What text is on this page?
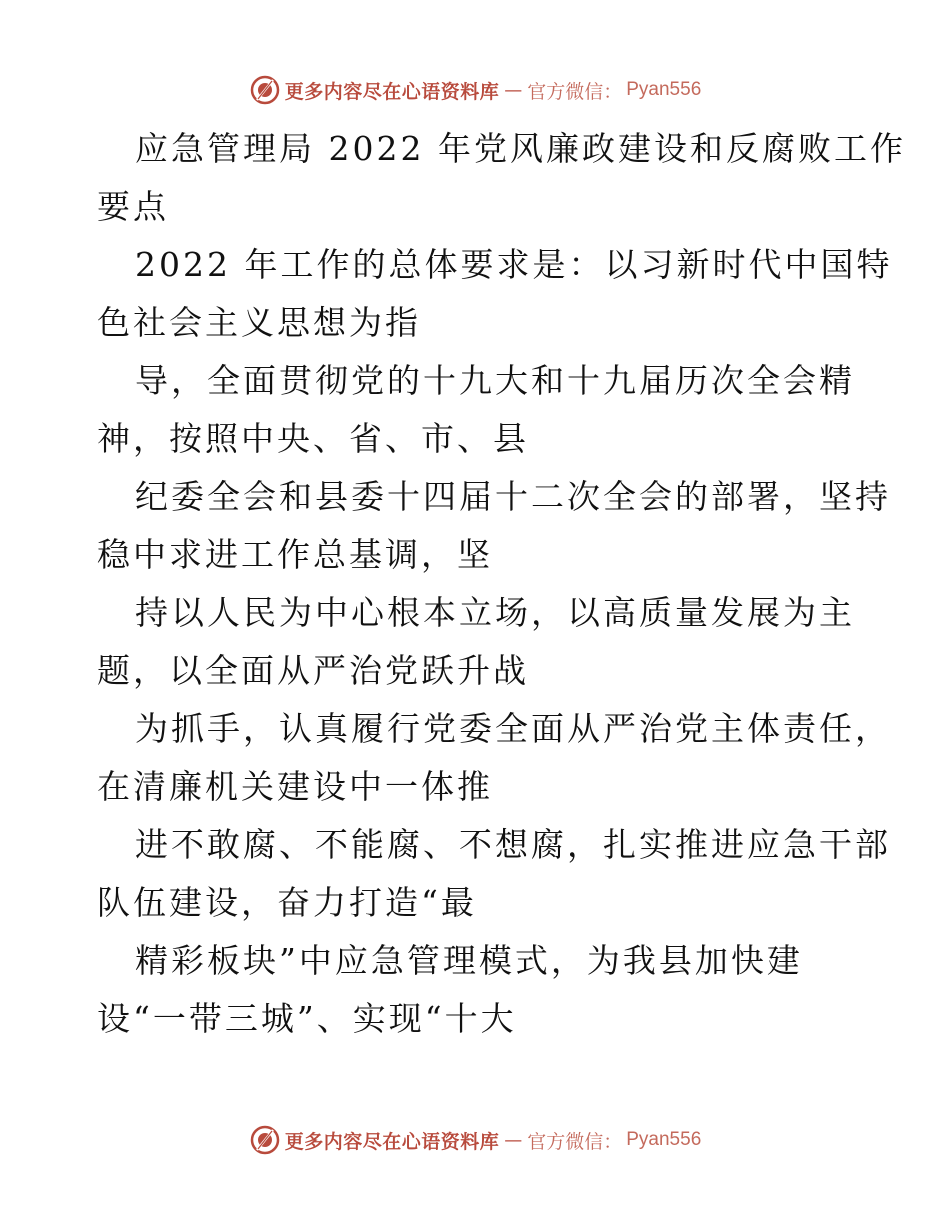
更多内容尽在心语资料库 — 官方微信： Pyan556
应急管理局 2022 年党风廉政建设和反腐败工作
要点
2022 年工作的总体要求是：以习新时代中国特
色社会主义思想为指
导，全面贯彻党的十九大和十九届历次全会精
神，按照中央、省、市、县
纪委全会和县委十四届十二次全会的部署，坚持
稳中求进工作总基调，坚
持以人民为中心根本立场，以高质量发展为主
题，以全面从严治党跃升战
为抓手，认真履行党委全面从严治党主体责任，
在清廉机关建设中一体推
进不敢腐、不能腐、不想腐，扎实推进应急干部
队伍建设，奋力打造“最
精彩板块”中应急管理模式，为我县加快建
设“一带三城”、实现“十大
更多内容尽在心语资料库 — 官方微信： Pyan556
